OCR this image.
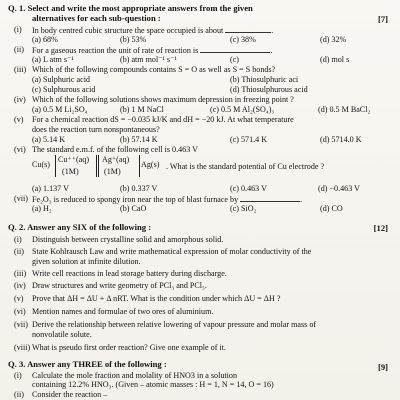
Q. 1. Select and write the most appropriate answers from the given
alternatives for each sub-question :	[7]
(i) In body centred cubic structure the space occupied is about	.
(a) 68%	(b) 53%	(c) 38%	(d) 32%
(ii) For a gaseous reaction the unit of rate of reaction is	.
(a) L atm s⁻¹	(b) atm mol⁻¹ s⁻¹	(c)	(d) mol s
(iii) Which of the following compounds contains S = O as well as S = S bonds?
(a) Sulphuric acid	(b) Thiosulphuric aci
(c) Sulphurous acid	(d) Thiosulphurous acid
(iv) Which of the following solutions shows maximum depression in freezing point ?
(a) 0.5 M Li₂SO₄	(b) 1 M NaCl	(c) 0.5 M Al₂(SO₄)₃	(d) 0.5 M BaCl₂
(v) For a chemical reaction dS = −0.035 kJ/K and dH = −20 kJ. At what temperature
does the reaction turn nonspontaneous?
(a) 5.14 K	(b) 57.14 K	(c) 571.4 K	(d) 5714.0 K
(vi) The standard e.m.f. of the following cell is 0.463 V
Cu(s)
Cu⁺⁺(aq)
(1M)
Ag⁺(aq)
(1M)
Ag(s) . What is the standard potential of Cu electrode ?
(a) 1.137 V	(b) 0.337 V	(c) 0.463 V	(d) −0.463 V
(vii) Fe₂O₃ is reduced to spongy iron near the top of blast furnace by	.
(a) H₂	(b) CaO	(c) SiO₂	(d) CO
Q. 2. Answer any SIX of the following :	[12]
(i) Distinguish between crystalline solid and amorphous solid.
(ii) State Kohlrausch Law and write mathematical expression of molar conductivity of the
given solution at infinite dilution.
(iii) Write cell reactions in lead storage battery during discharge.
(iv) Draw structures and write geometry of PCl₃ and PCl₅.
(v) Prove that ΔH = ΔU + Δ nRT. What is the condition under which ΔU = ΔH ?
(vi) Mention names and formulae of two ores of aluminium.
(vii) Derive the relationship between relative lowering of vapour pressure and molar mass of
nonvolatile solute.
(viii) What is pseudo first order reaction? Give one example of it.
Q. 3. Answer any THREE of the following :	[9]
(i) Calculate the mole fraction and molality of HNO3 in a solution
containing 12.2% HNO₃. (Given – atomic masses : H = 1, N = 14, O = 16)
(ii) Consider the reaction –
